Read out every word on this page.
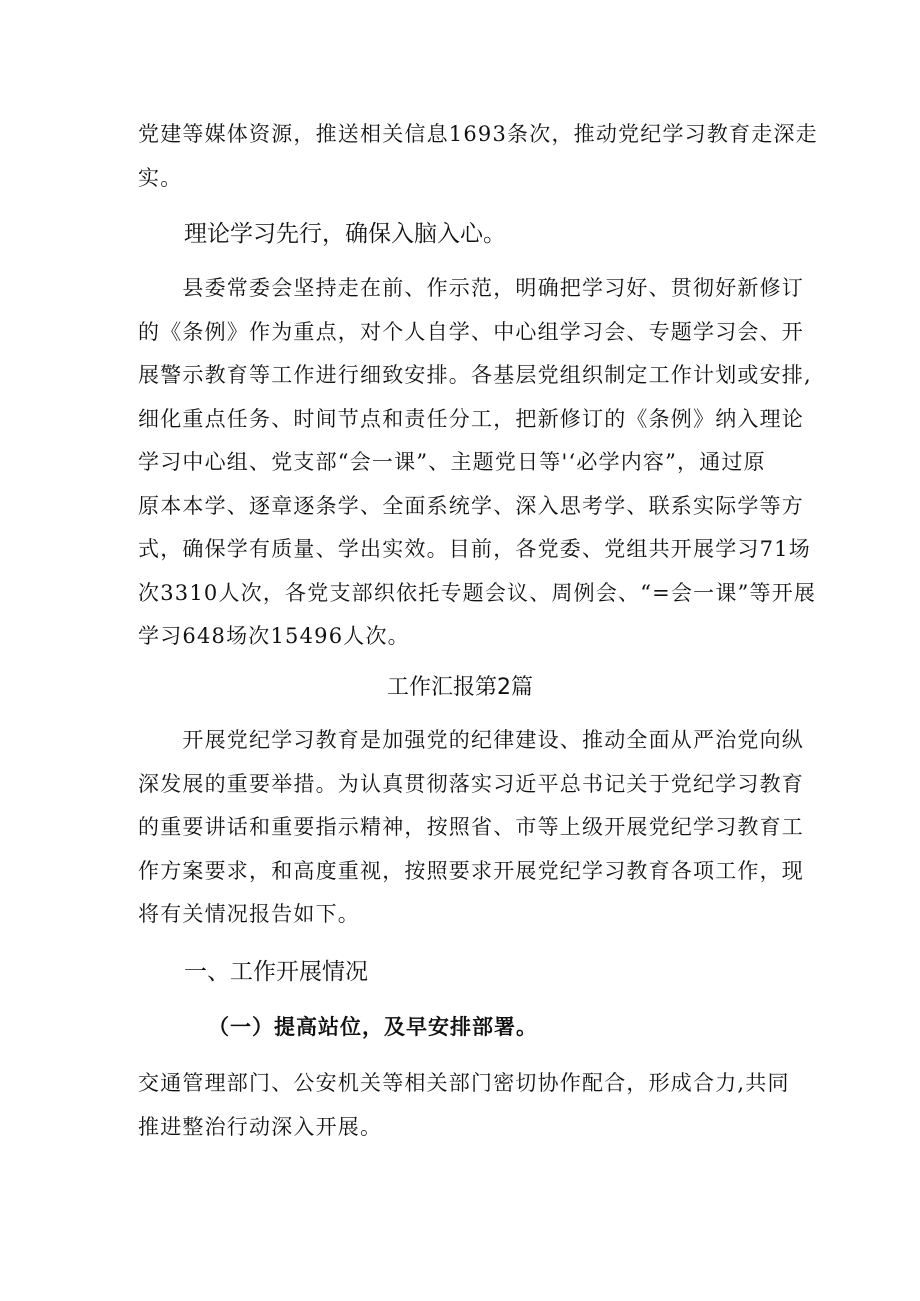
党建等媒体资源，推送相关信息1693条次，推动党纪学习教育走深走
实。

理论学习先行，确保入脑入心。

　　县委常委会坚持走在前、作示范，明确把学习好、贯彻好新修订
的《条例》作为重点，对个人自学、中心组学习会、专题学习会、开
展警示教育等工作进行细致安排。各基层党组织制定工作计划或安排,
细化重点任务、时间节点和责任分工，把新修订的《条例》纳入理论
学习中心组、党支部“会一课”、主题党日等'‘必学内容”，通过原
原本本学、逐章逐条学、全面系统学、深入思考学、联系实际学等方
式，确保学有质量、学出实效。目前，各党委、党组共开展学习71场
次3310人次，各党支部织依托专题会议、周例会、“=会一课”等开展
学习648场次15496人次。

工作汇报第2篇

　　开展党纪学习教育是加强党的纪律建设、推动全面从严治党向纵
深发展的重要举措。为认真贯彻落实习近平总书记关于党纪学习教育
的重要讲话和重要指示精神，按照省、市等上级开展党纪学习教育工
作方案要求，和高度重视，按照要求开展党纪学习教育各项工作，现
将有关情况报告如下。

一、工作开展情况
（一）提高站位，及早安排部署。

交通管理部门、公安机关等相关部门密切协作配合，形成合力,共同
推进整治行动深入开展。
